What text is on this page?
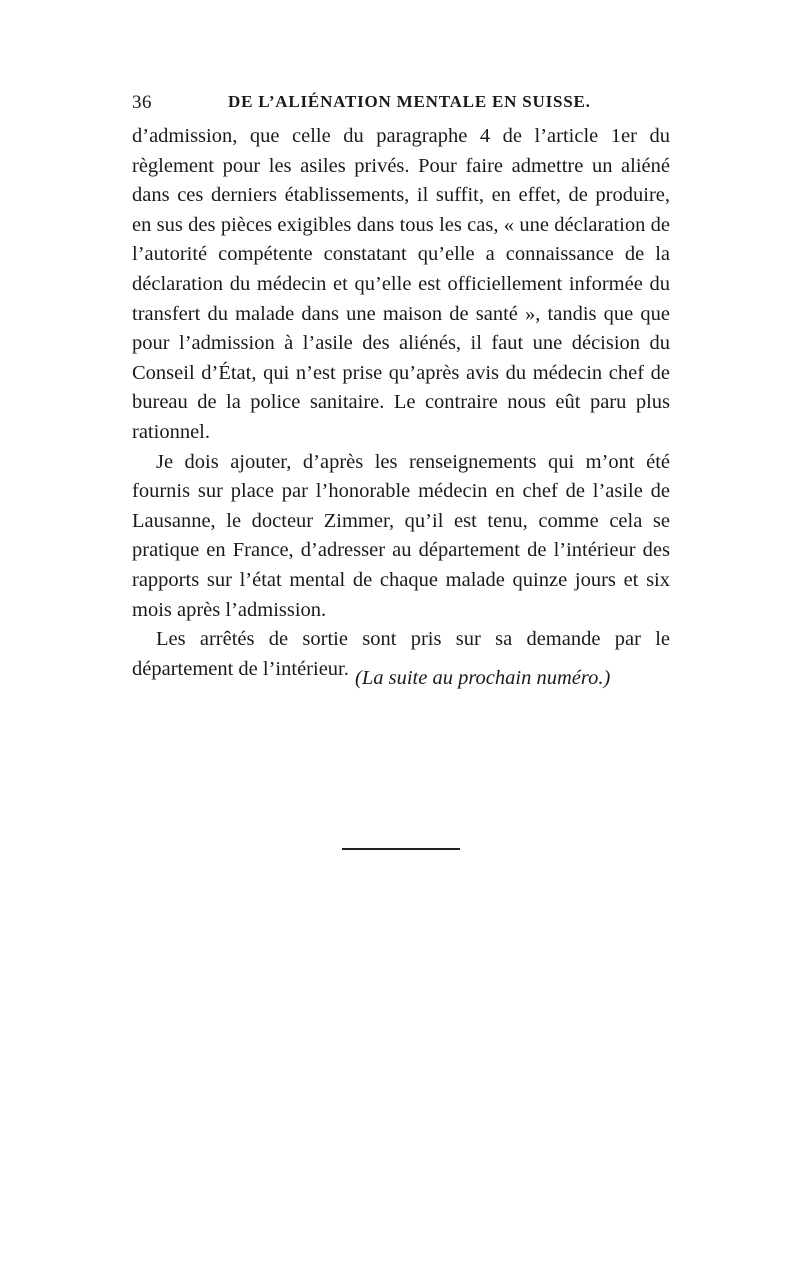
36	DE L’ALIÉNATION MENTALE EN SUISSE.

d’admission, que celle du paragraphe 4 de l’article 1er du règlement pour les asiles privés. Pour faire admettre un aliéné dans ces derniers établissements, il suffit, en effet, de produire, en sus des pièces exigibles dans tous les cas, « une déclaration de l’autorité compétente constatant qu’elle a connaissance de la déclaration du médecin et qu’elle est officiellement informée du transfert du malade dans une maison de santé », tandis que que pour l’admission à l’asile des aliénés, il faut une décision du Conseil d’État, qui n’est prise qu’après avis du médecin chef de bureau de la police sanitaire. Le contraire nous eût paru plus rationnel.

Je dois ajouter, d’après les renseignements qui m’ont été fournis sur place par l’honorable médecin en chef de l’asile de Lausanne, le docteur Zimmer, qu’il est tenu, comme cela se pratique en France, d’adresser au département de l’intérieur des rapports sur l’état mental de chaque malade quinze jours et six mois après l’admission.

Les arrêtés de sortie sont pris sur sa demande par le département de l’intérieur. (La suite au prochain numéro.)
